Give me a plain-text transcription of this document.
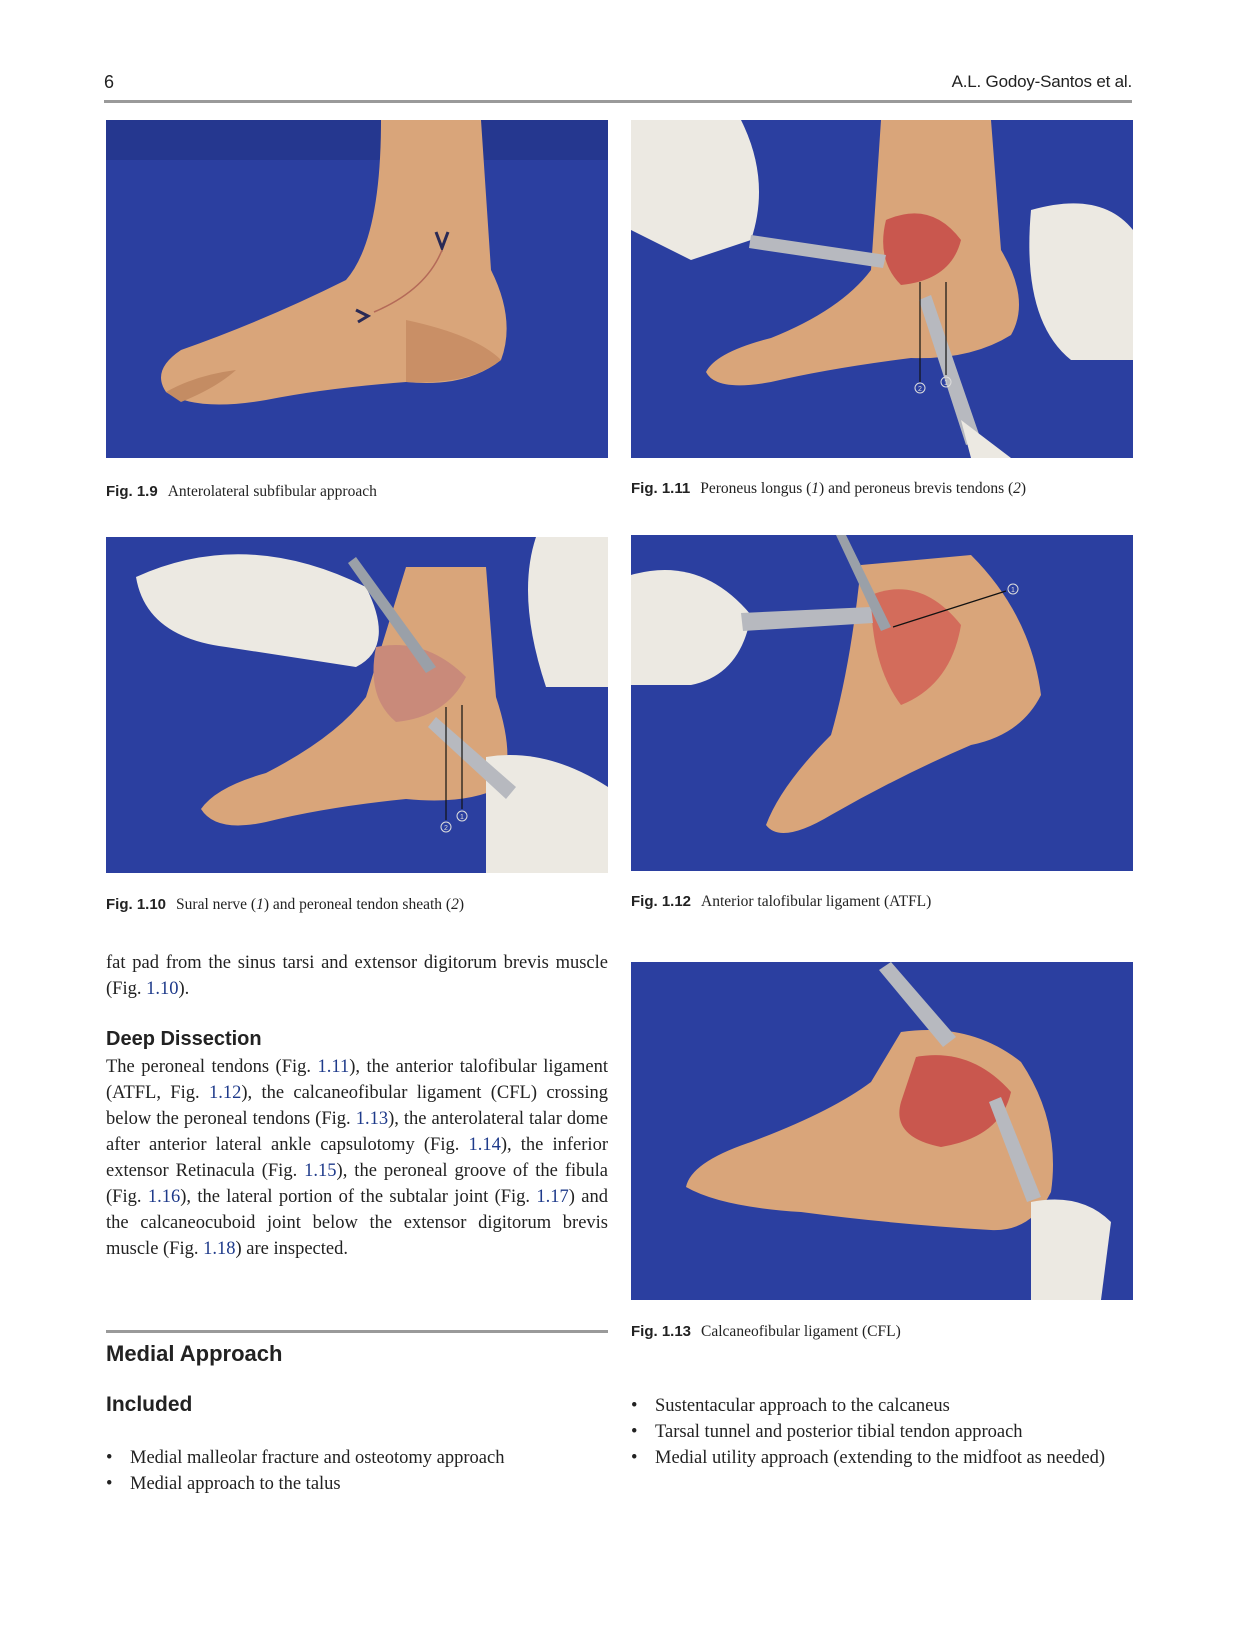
6	A.L. Godoy-Santos et al.
2
1
Fig. 1.9 Anterolateral subfibular approach	Fig. 1.11 Peroneus longus (1) and peroneus brevis tendons (2)
2
1
1
Fig. 1.10 Sural nerve (1) and peroneal tendon sheath (2)	Fig. 1.12 Anterior talofibular ligament (ATFL)
fat pad from the sinus tarsi and extensor digitorum brevis muscle (Fig. 1.10).
Deep Dissection
The peroneal tendons (Fig. 1.11), the anterior talofibular ligament (ATFL, Fig. 1.12), the calcaneofibular ligament (CFL) crossing below the peroneal tendons (Fig. 1.13), the anterolateral talar dome after anterior lateral ankle capsulotomy (Fig. 1.14), the inferior extensor Retinacula (Fig. 1.15), the peroneal groove of the fibula (Fig. 1.16), the lateral portion of the subtalar joint (Fig. 1.17) and the calcaneocuboid joint below the extensor digitorum brevis muscle (Fig. 1.18) are inspected.
Fig. 1.13 Calcaneofibular ligament (CFL)
Medial Approach
Included
• Medial malleolar fracture and osteotomy approach
• Medial approach to the talus
• Sustentacular approach to the calcaneus
• Tarsal tunnel and posterior tibial tendon approach
• Medial utility approach (extending to the midfoot as needed)
